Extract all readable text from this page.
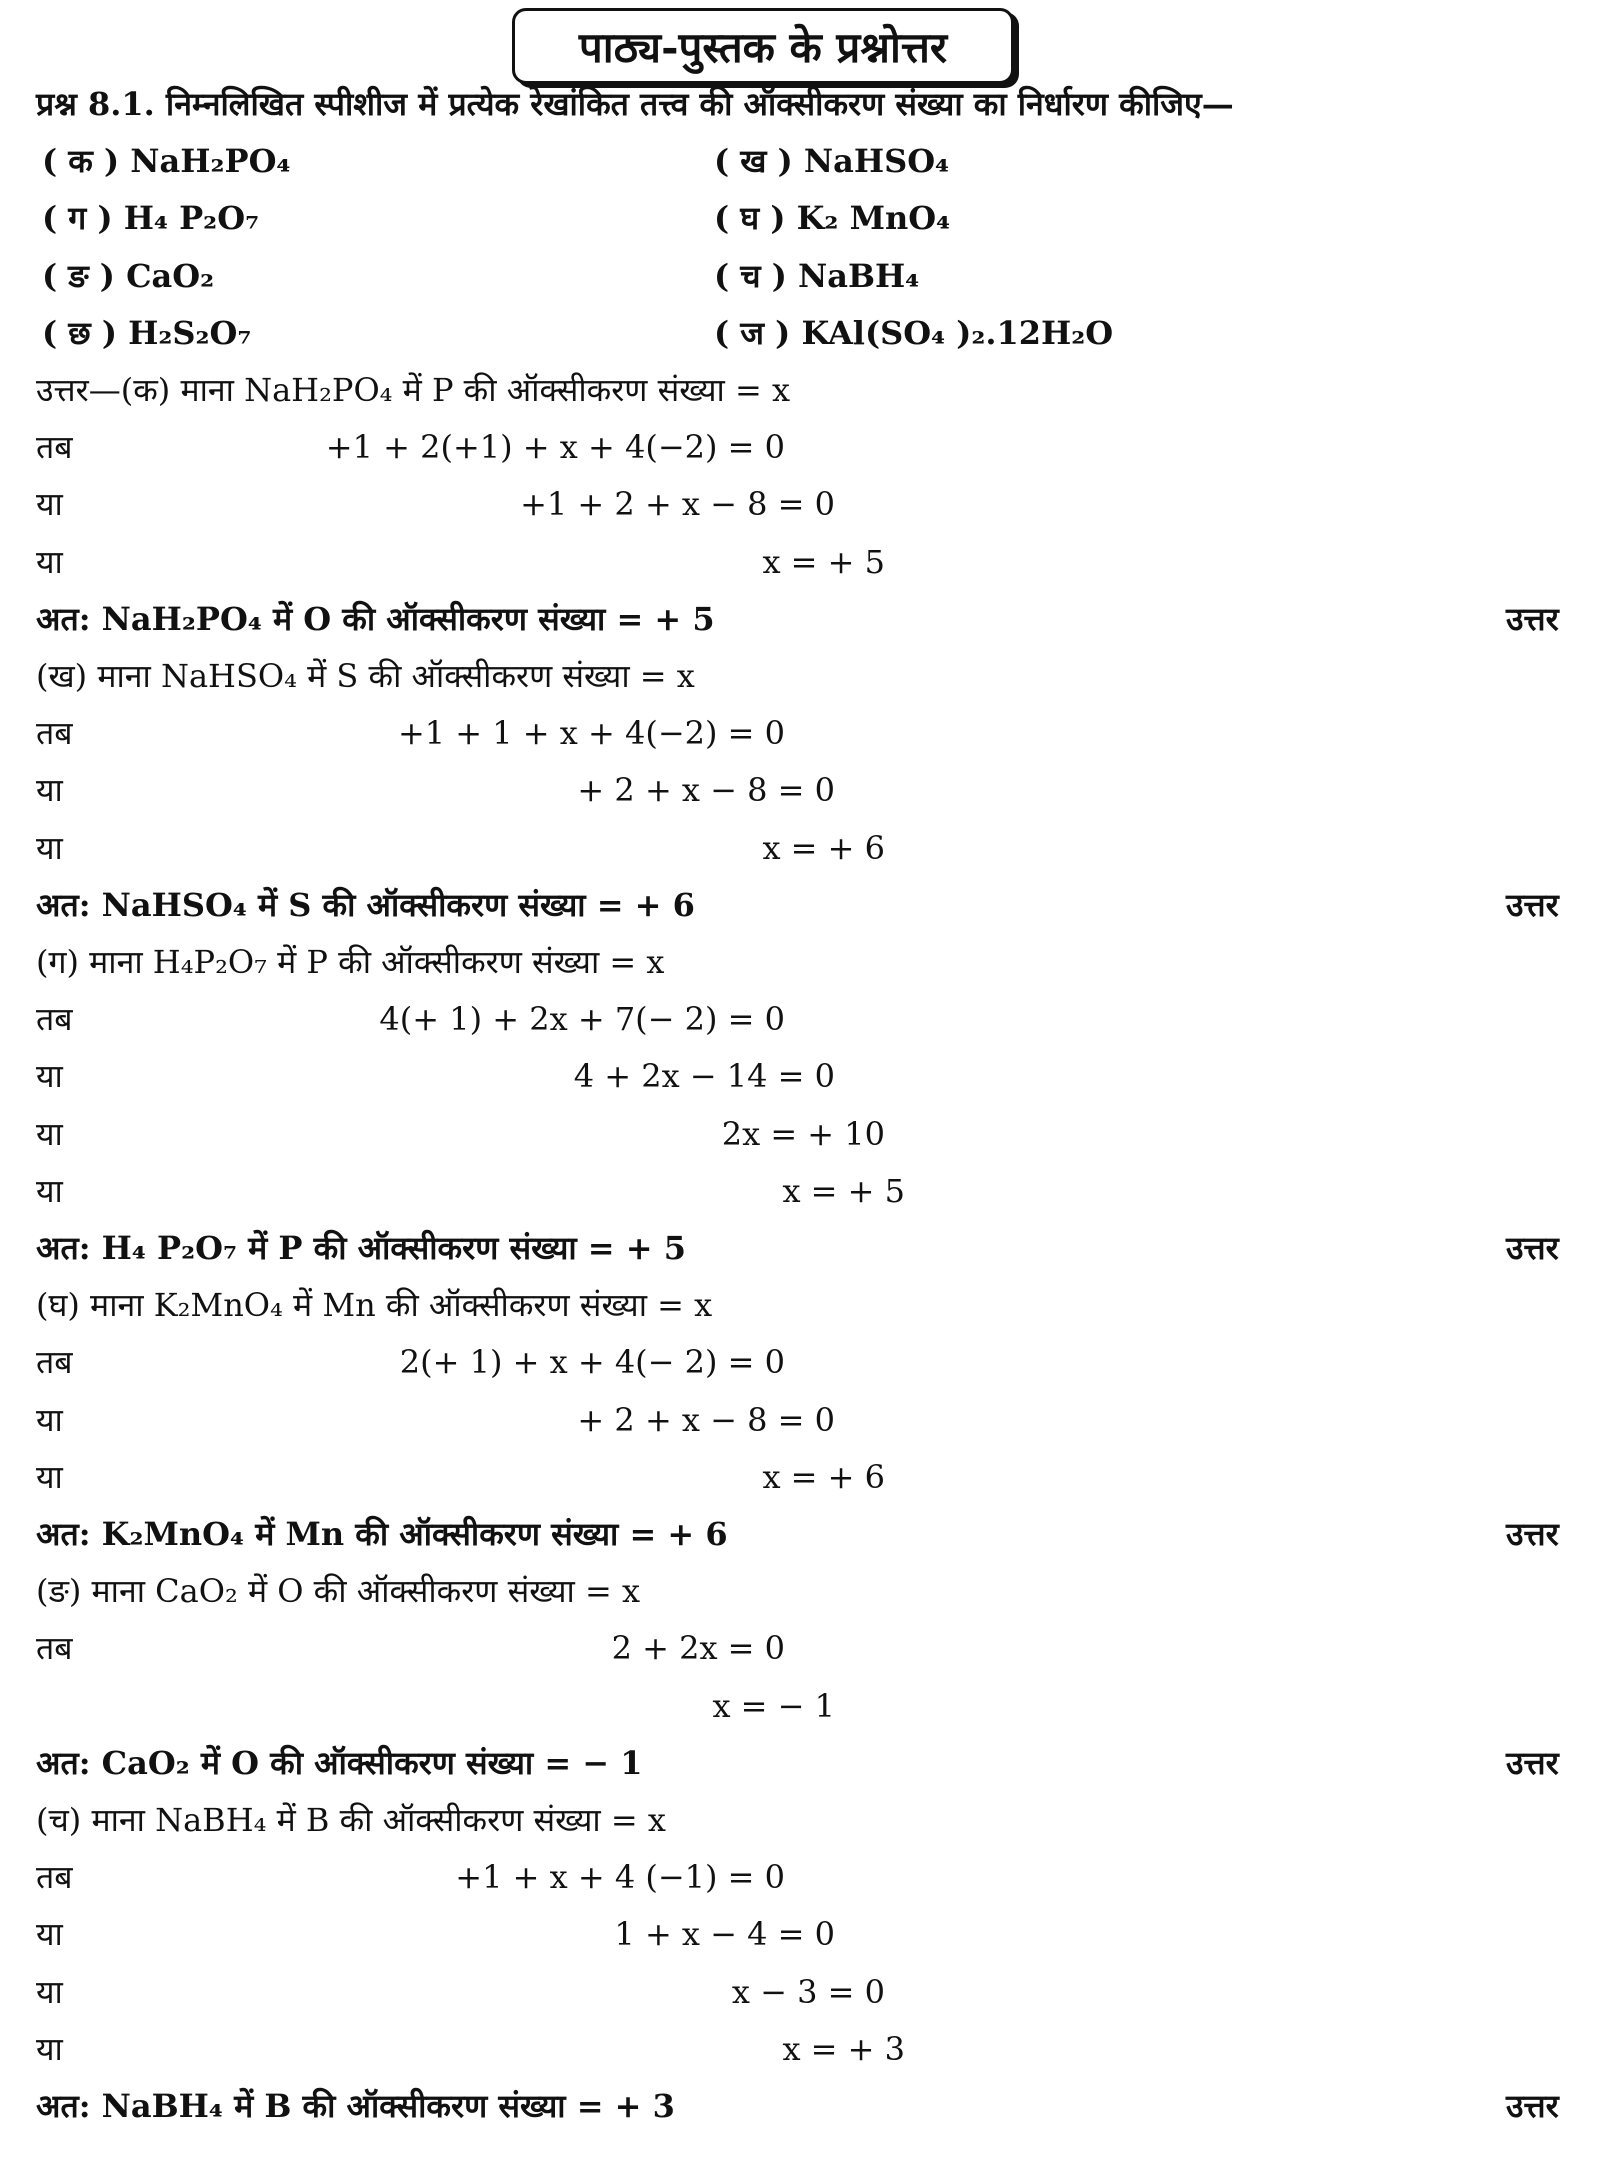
पाठ्य-पुस्तक के प्रश्नोत्तर
प्रश्न 8.1. निम्नलिखित स्पीशीज में प्रत्येक रेखांकित तत्त्व की ऑक्सीकरण संख्या का निर्धारण कीजिए—
( क ) NaH₂PO₄	( ख ) NaHSO₄
( ग ) H₄ P₂O₇	( घ ) K₂ MnO₄
( ङ ) CaO₂	( च ) NaBH₄
( छ ) H₂S₂O₇	( ज ) KAl(SO₄ )₂.12H₂O
उत्तर—(क) माना NaH₂PO₄ में P की ऑक्सीकरण संख्या = x
तब	+1 + 2(+1) + x + 4(−2) = 0
या	+1 + 2 + x − 8 = 0
या	x = + 5
अत: NaH₂PO₄ में O की ऑक्सीकरण संख्या = + 5	उत्तर
(ख) माना NaHSO₄ में S की ऑक्सीकरण संख्या = x
तब	+1 + 1 + x + 4(−2) = 0
या	+ 2 + x − 8 = 0
या	x = + 6
अत: NaHSO₄ में S की ऑक्सीकरण संख्या = + 6	उत्तर
(ग) माना H₄P₂O₇ में P की ऑक्सीकरण संख्या = x
तब	4(+ 1) + 2x + 7(− 2) = 0
या	4 + 2x − 14 = 0
या	2x = + 10
या	x = + 5
अत: H₄ P₂O₇ में P की ऑक्सीकरण संख्या = + 5	उत्तर
(घ) माना K₂MnO₄ में Mn की ऑक्सीकरण संख्या = x
तब	2(+ 1) + x + 4(− 2) = 0
या	+ 2 + x − 8 = 0
या	x = + 6
अत: K₂MnO₄ में Mn की ऑक्सीकरण संख्या = + 6	उत्तर
(ङ) माना CaO₂ में O की ऑक्सीकरण संख्या = x
तब	2 + 2x = 0
x = − 1
अत: CaO₂ में O की ऑक्सीकरण संख्या = − 1	उत्तर
(च) माना NaBH₄ में B की ऑक्सीकरण संख्या = x
तब	+1 + x + 4 (−1) = 0
या	1 + x − 4 = 0
या	x − 3 = 0
या	x = + 3
अत: NaBH₄ में B की ऑक्सीकरण संख्या = + 3	उत्तर
